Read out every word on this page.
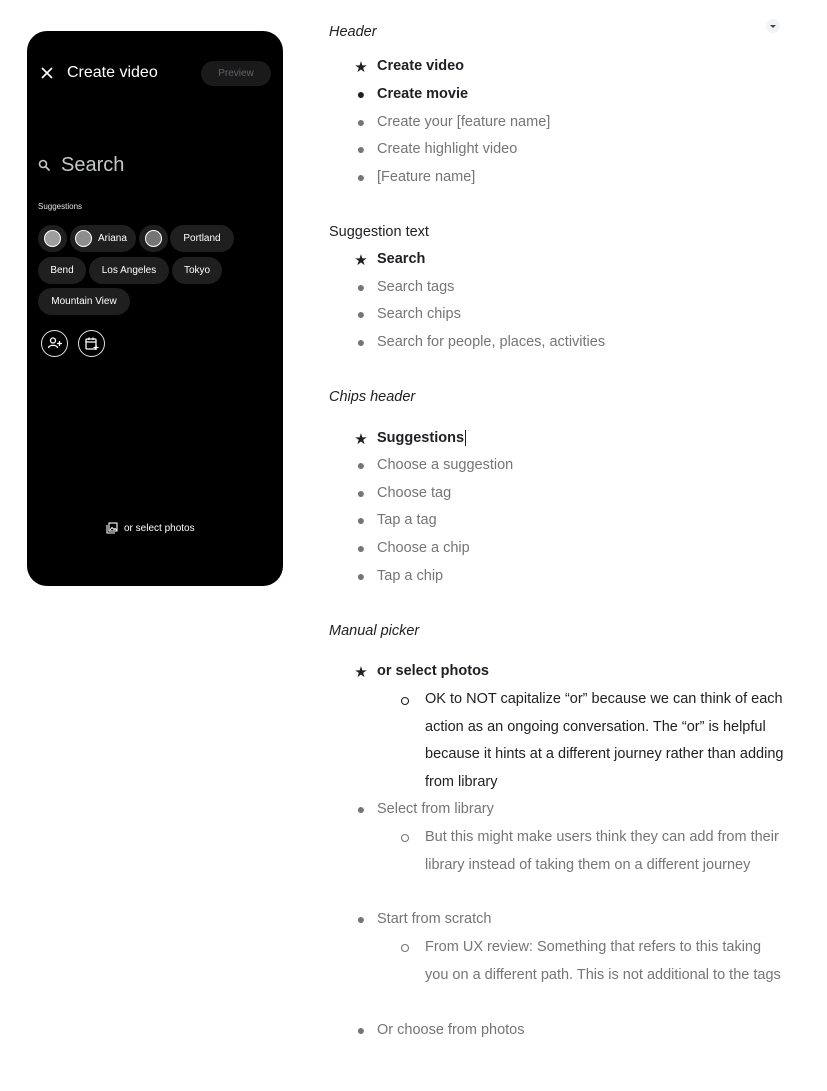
Create video	Preview
Search
Suggestions
Ariana	Portland
Bend	Los Angeles	Tokyo
Mountain View
or select photos
Header
★ Create video
● Create movie
● Create your [feature name]
● Create highlight video
● [Feature name]
Suggestion text
★ Search
● Search tags
● Search chips
● Search for people, places, activities
Chips header
★ Suggestions
● Choose a suggestion
● Choose tag
● Tap a tag
● Choose a chip
● Tap a chip
Manual picker
★ or select photos
OK to NOT capitalize “or” because we can think of each action as an ongoing conversation. The “or” is helpful because it hints at a different journey rather than adding from library
● Select from library
But this might make users think they can add from their library instead of taking them on a different journey
● Start from scratch
From UX review: Something that refers to this taking you on a different path. This is not additional to the tags
● Or choose from photos
